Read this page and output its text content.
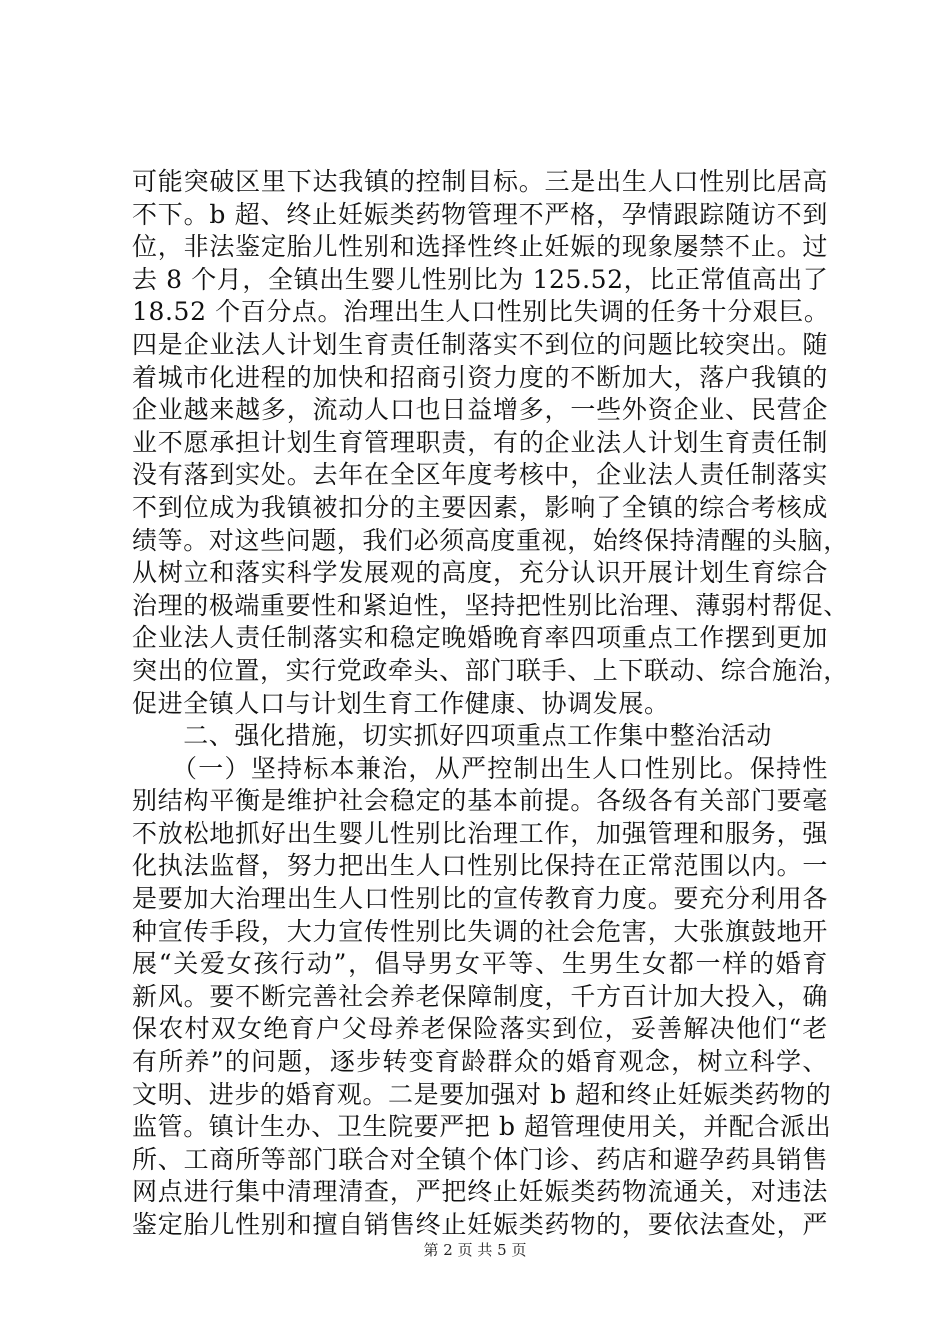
可能突破区里下达我镇的控制目标。三是出生人口性别比居高
不下。b 超、终止妊娠类药物管理不严格，孕情跟踪随访不到
位，非法鉴定胎儿性别和选择性终止妊娠的现象屡禁不止。过
去 8 个月，全镇出生婴儿性别比为 125.52，比正常值高出了
18.52 个百分点。治理出生人口性别比失调的任务十分艰巨。
四是企业法人计划生育责任制落实不到位的问题比较突出。随
着城市化进程的加快和招商引资力度的不断加大，落户我镇的
企业越来越多，流动人口也日益增多，一些外资企业、民营企
业不愿承担计划生育管理职责，有的企业法人计划生育责任制
没有落到实处。去年在全区年度考核中，企业法人责任制落实
不到位成为我镇被扣分的主要因素，影响了全镇的综合考核成
绩等。对这些问题，我们必须高度重视，始终保持清醒的头脑，
从树立和落实科学发展观的高度，充分认识开展计划生育综合
治理的极端重要性和紧迫性，坚持把性别比治理、薄弱村帮促、
企业法人责任制落实和稳定晚婚晚育率四项重点工作摆到更加
突出的位置，实行党政牵头、部门联手、上下联动、综合施治，
促进全镇人口与计划生育工作健康、协调发展。
　　二、强化措施，切实抓好四项重点工作集中整治活动
　　（一）坚持标本兼治，从严控制出生人口性别比。保持性
别结构平衡是维护社会稳定的基本前提。各级各有关部门要毫
不放松地抓好出生婴儿性别比治理工作，加强管理和服务，强
化执法监督，努力把出生人口性别比保持在正常范围以内。一
是要加大治理出生人口性别比的宣传教育力度。要充分利用各
种宣传手段，大力宣传性别比失调的社会危害，大张旗鼓地开
展“关爱女孩行动”，倡导男女平等、生男生女都一样的婚育
新风。要不断完善社会养老保障制度，千方百计加大投入，确
保农村双女绝育户父母养老保险落实到位，妥善解决他们“老
有所养”的问题，逐步转变育龄群众的婚育观念，树立科学、
文明、进步的婚育观。二是要加强对 b 超和终止妊娠类药物的
监管。镇计生办、卫生院要严把 b 超管理使用关，并配合派出
所、工商所等部门联合对全镇个体门诊、药店和避孕药具销售
网点进行集中清理清查，严把终止妊娠类药物流通关，对违法
鉴定胎儿性别和擅自销售终止妊娠类药物的，要依法查处，严
第 2 页 共 5 页
